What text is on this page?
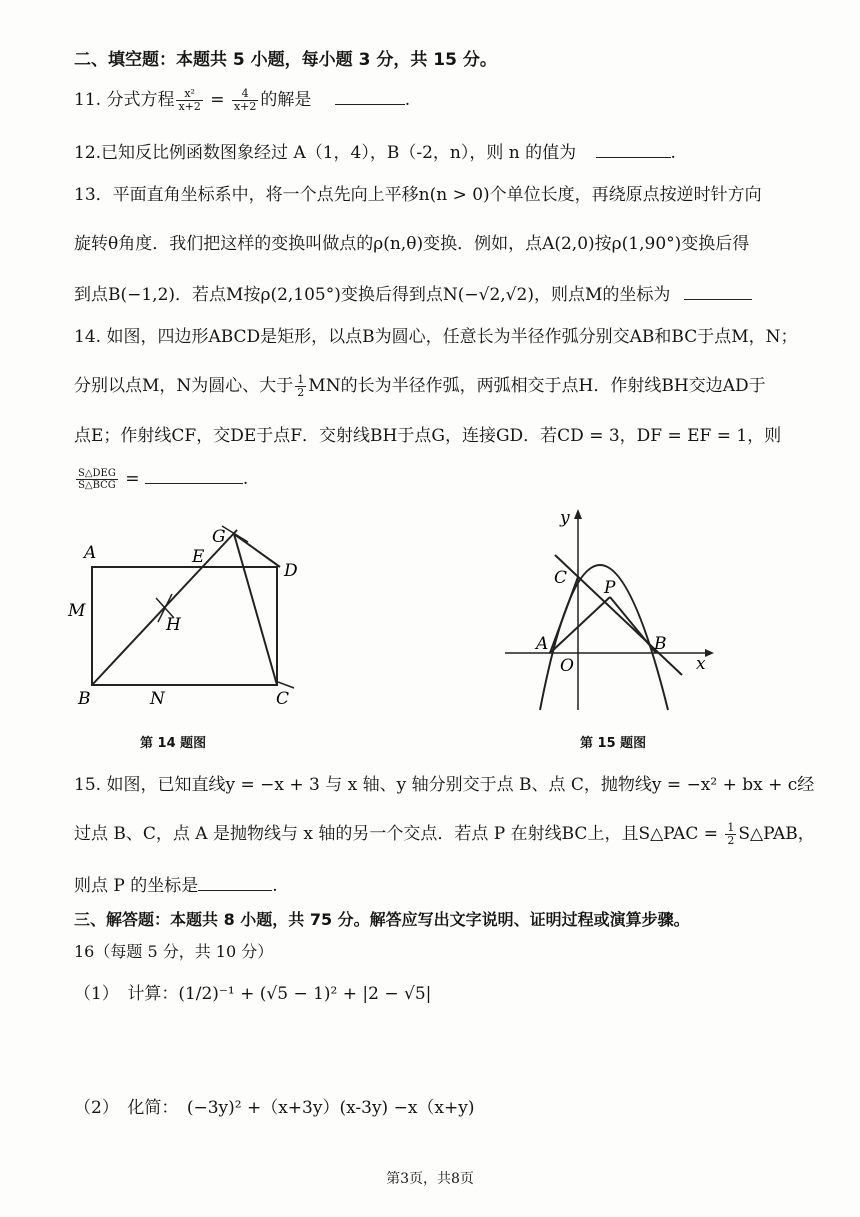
二、填空题：本题共 5 小题，每小题 3 分，共 15 分。
11. 分式方程 $\frac{\text{x²}}{x+2} = \frac{4}{x+2}$ 的解是	.
12.已知反比例函数图象经过 A（1，4），B（-2，n），则 n 的值为	.
13．平面直角坐标系中，将一个点先向上平移n(n > 0)个单位长度，再绕原点按逆时针方向
旋转θ角度．我们把这样的变换叫做点的ρ(n,θ)变换．例如，点A(2,0)按ρ(1,90°)变换后得
到点B(−1,2)．若点M按ρ(2,105°)变换后得到点N(−√2,√2)，则点M的坐标为
14. 如图，四边形ABCD是矩形，以点B为圆心，任意长为半径作弧分别交AB和BC于点M，N；
分别以点M，N为圆心、大于 $\frac{1}{2}$ MN的长为半径作弧，两弧相交于点H．作射线BH交边AD于
点E；作射线CF，交DE于点F．交射线BH于点G，连接GD．若CD = 3，DF = EF = 1，则
$\frac{\text{S△DEG}}{\text{S△BCG}}$ =	.
A	E
G
D
M
H
B	N	C
第 14 题图
y
x
C P
A
O
B
第 15 题图
15. 如图，已知直线y = −x + 3 与 x 轴、y 轴分别交于点 B、点 C，抛物线y = −x² + bx + c经
过点 B、C，点 A 是抛物线与 x 轴的另一个交点．若点 P 在射线BC上，且S△PAC = $\frac{1}{2}$ S△PAB，
则点 P 的坐标是	.
三、解答题：本题共 8 小题，共 75 分。解答应写出文字说明、证明过程或演算步骤。
16（每题 5 分，共 10 分）
（1）　计算：(1/2)⁻¹ + (√5 − 1)² + |2 − √5|
（2）　化简：　(−3y)² +（x+3y）(x-3y) −x（x+y)
第3页，共8页
